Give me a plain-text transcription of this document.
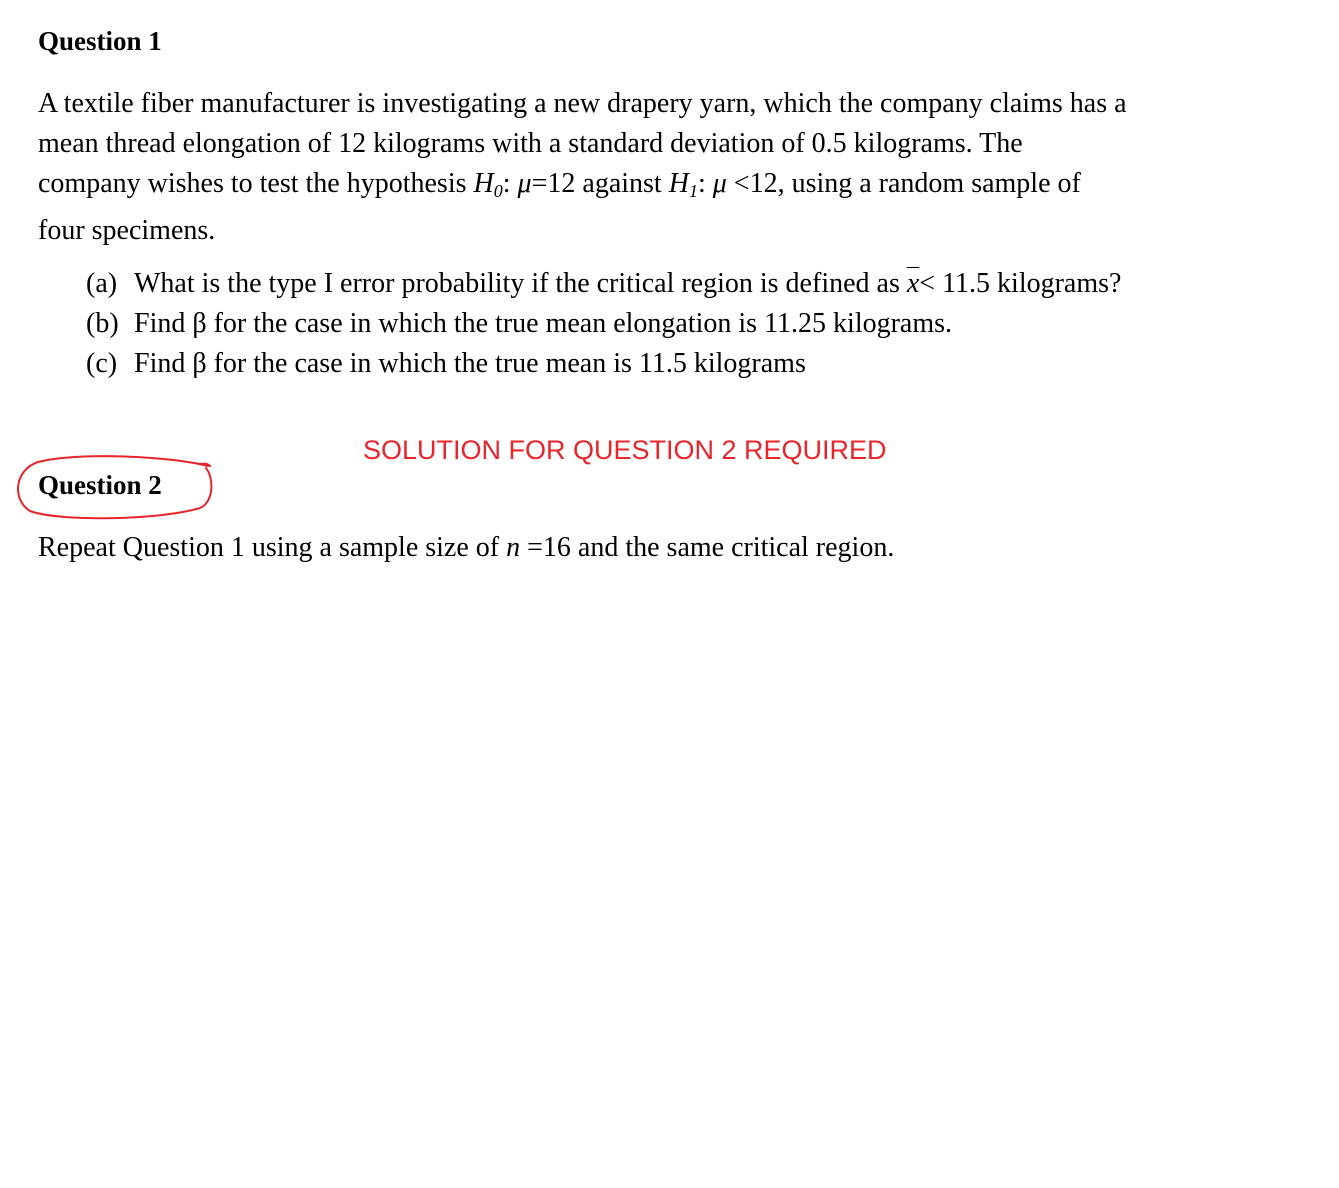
Question 1

A textile fiber manufacturer is investigating a new drapery yarn, which the company claims has a
mean thread elongation of 12 kilograms with a standard deviation of 0.5 kilograms. The
company wishes to test the hypothesis $H_0$: μ=12 against $H_1$: μ <12, using a random sample of
four specimens.

(a) What is the type I error probability if the critical region is defined as $\overline{x}< 11.5$ kilograms?
(b) Find β for the case in which the true mean elongation is 11.25 kilograms.
(c) Find β for the case in which the true mean is 11.5 kilograms
SOLUTION FOR QUESTION 2 REQUIRED
Question 2

Repeat Question 1 using a sample size of n =16 and the same critical region.
